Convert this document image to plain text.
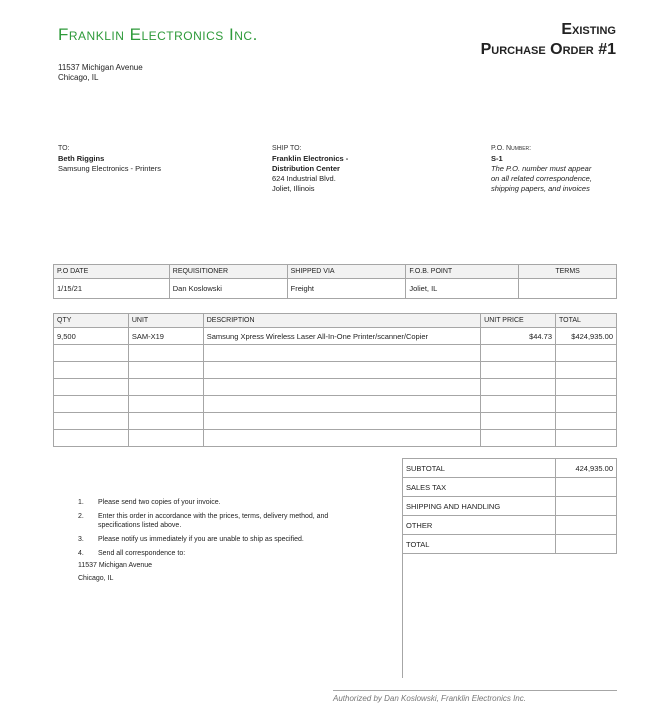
Franklin Electronics Inc.	Existing
Purchase Order #1
11537 Michigan Avenue
Chicago, IL
TO:
Beth Riggins
Samsung Electronics - Printers
SHIP TO:
Franklin Electronics -
Distribution Center
624 Industrial Blvd.
Joliet, Illinois
P.O. Number:
S-1
The P.O. number must appear
on all related correspondence,
shipping papers, and invoices
P.O DATE	REQUISITIONER	SHIPPED VIA	F.O.B. POINT	TERMS
1/15/21	Dan Koslowski	Freight	Joliet, IL	
QTY	UNIT	DESCRIPTION	UNIT PRICE	TOTAL
9,500	SAM-X19	Samsung Xpress Wireless Laser All-In-One Printer/scanner/Copier	$44.73	$424,935.00

SUBTOTAL	424,935.00
SALES TAX	
SHIPPING AND HANDLING	
OTHER	
TOTAL	
1. Please send two copies of your invoice.
2. Enter this order in accordance with the prices, terms, delivery method, and specifications listed above.
3. Please notify us immediately if you are unable to ship as specified.
4. Send all correspondence to:
11537 Michigan Avenue
Chicago, IL
Authorized by Dan Koslowski, Franklin Electronics Inc.
